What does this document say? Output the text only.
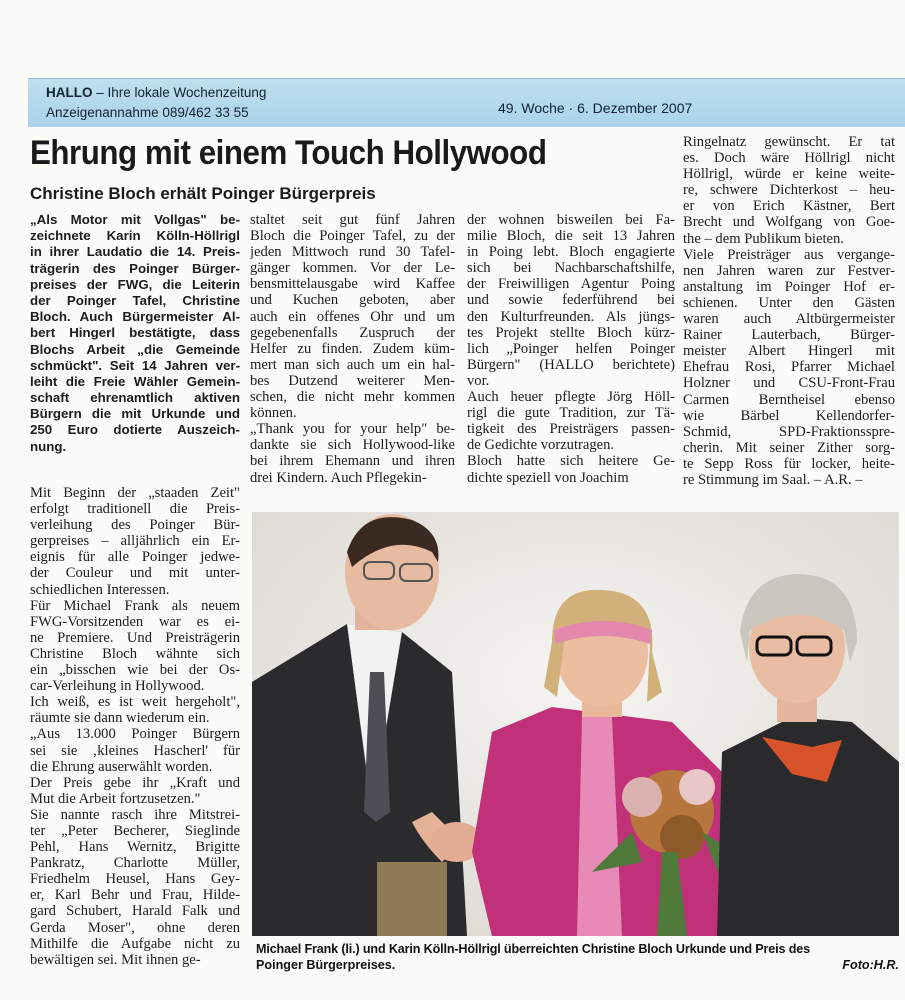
HALLO – Ihre lokale Wochenzeitung
Anzeigenannahme 089/462 33 55	49. Woche · 6. Dezember 2007
Ehrung mit einem Touch Hollywood
Christine Bloch erhält Poinger Bürgerpreis
„Als Motor mit Vollgas" be-
zeichnete Karin Kölln-Höllrigl
in ihrer Laudatio die 14. Preis-
trägerin des Poinger Bürger-
preises der FWG, die Leiterin
der Poinger Tafel, Christine
Bloch. Auch Bürgermeister Al-
bert Hingerl bestätigte, dass
Blochs Arbeit „die Gemeinde
schmückt". Seit 14 Jahren ver-
leiht die Freie Wähler Gemein-
schaft ehrenamtlich aktiven
Bürgern die mit Urkunde und
250 Euro dotierte Auszeich-
nung.
Mit Beginn der „staaden Zeit"
erfolgt traditionell die Preis-
verleihung des Poinger Bür-
gerpreises – alljährlich ein Er-
eignis für alle Poinger jedwe-
der Couleur und mit unter-
schiedlichen Interessen.
Für Michael Frank als neuem
FWG-Vorsitzenden war es ei-
ne Premiere. Und Preisträgerin
Christine Bloch wähnte sich
ein „bisschen wie bei der Os-
car-Verleihung in Hollywood.
Ich weiß, es ist weit hergeholt",
räumte sie dann wiederum ein.
„Aus 13.000 Poinger Bürgern
sei sie ‚kleines Hascherl' für
die Ehrung auserwählt worden.
Der Preis gebe ihr „Kraft und
Mut die Arbeit fortzusetzen."
Sie nannte rasch ihre Mitstrei-
ter „Peter Becherer, Sieglinde
Pehl, Hans Wernitz, Brigitte
Pankratz, Charlotte Müller,
Friedhelm Heusel, Hans Gey-
er, Karl Behr und Frau, Hilde-
gard Schubert, Harald Falk und
Gerda Moser", ohne deren
Mithilfe die Aufgabe nicht zu
bewältigen sei. Mit ihnen ge-
staltet seit gut fünf Jahren
Bloch die Poinger Tafel, zu der
jeden Mittwoch rund 30 Tafel-
gänger kommen. Vor der Le-
bensmittelausgabe wird Kaffee
und Kuchen geboten, aber
auch ein offenes Ohr und um
gegebenenfalls Zuspruch der
Helfer zu finden. Zudem küm-
mert man sich auch um ein hal-
bes Dutzend weiterer Men-
schen, die nicht mehr kommen
können.
„Thank you for your help" be-
dankte sie sich Hollywood-like
bei ihrem Ehemann und ihren
drei Kindern. Auch Pflegekin-
der wohnen bisweilen bei Fa-
milie Bloch, die seit 13 Jahren
in Poing lebt. Bloch engagierte
sich bei Nachbarschaftshilfe,
der Freiwilligen Agentur Poing
und sowie federführend bei
den Kulturfreunden. Als jüngs-
tes Projekt stellte Bloch kürz-
lich „Poinger helfen Poinger
Bürgern" (HALLO berichtete)
vor.
Auch heuer pflegte Jörg Höll-
rigl die gute Tradition, zur Tä-
tigkeit des Preisträgers passen-
de Gedichte vorzutragen.
Bloch hatte sich heitere Ge-
dichte speziell von Joachim
Ringelnatz gewünscht. Er tat
es. Doch wäre Höllrigl nicht
Höllrigl, würde er keine weite-
re, schwere Dichterkost – heu-
er von Erich Kästner, Bert
Brecht und Wolfgang von Goe-
the – dem Publikum bieten.
Viele Preisträger aus vergange-
nen Jahren waren zur Festver-
anstaltung im Poinger Hof er-
schienen. Unter den Gästen
waren auch Altbürgermeister
Rainer Lauterbach, Bürger-
meister Albert Hingerl mit
Ehefrau Rosi, Pfarrer Michael
Holzner und CSU-Front-Frau
Carmen Berntheisel ebenso
wie Bärbel Kellendorfer-
Schmid, SPD-Fraktionsspre-
cherin. Mit seiner Zither sorg-
te Sepp Ross für locker, heite-
re Stimmung im Saal. – A.R. –
Michael Frank (li.) und Karin Kölln-Höllrigl überreichten Christine Bloch Urkunde und Preis des
Poinger Bürgerpreises.	Foto:H.R.
